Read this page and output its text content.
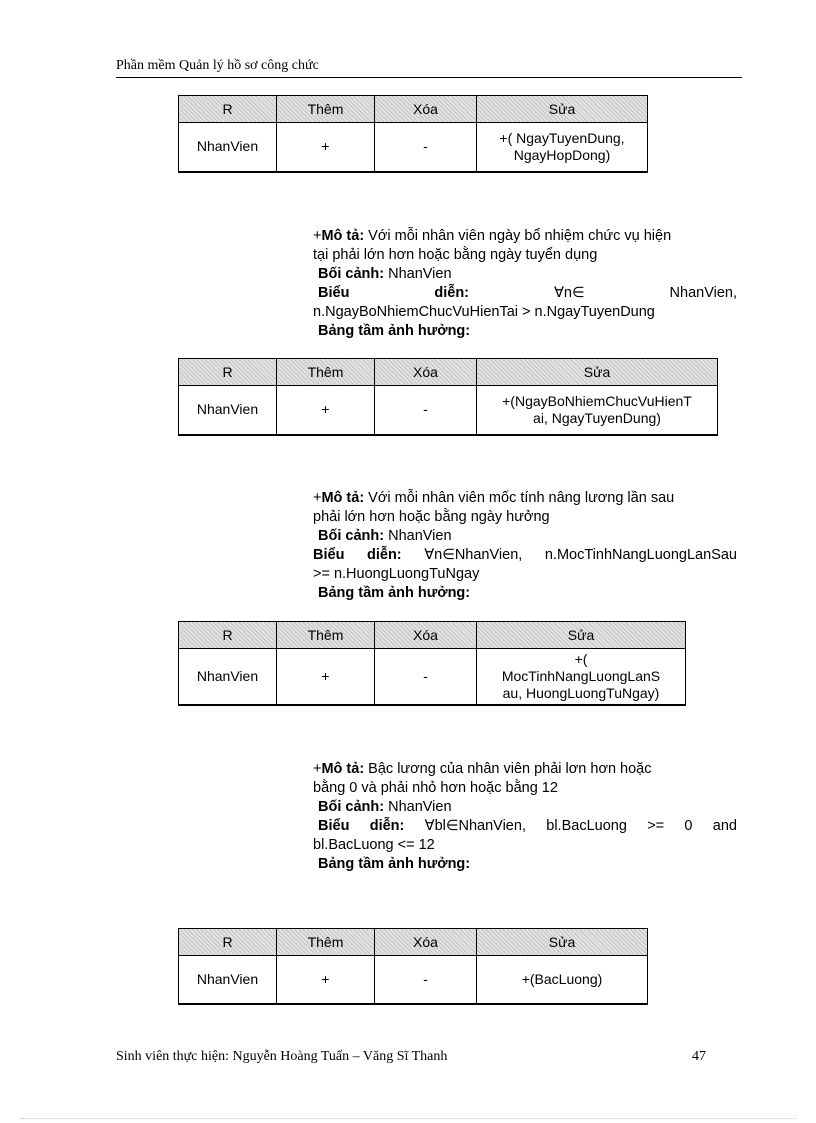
Phần mềm Quản lý hồ sơ công chức
R	Thêm	Xóa	Sửa
NhanVien	+	-	+( NgayTuyenDung,
NgayHopDong)
+Mô tả: Với mỗi nhân viên ngày bổ nhiệm chức vụ hiện
tại phải lớn hơn hoặc bằng ngày tuyển dụng
Bối cảnh: NhanVien
Biểu diễn:	∀n∈ NhanVien,
n.NgayBoNhiemChucVuHienTai > n.NgayTuyenDung
Bảng tầm ảnh hưởng:
R	Thêm	Xóa	Sửa
NhanVien	+	-	+(NgayBoNhiemChucVuHienT
ai, NgayTuyenDung)
+Mô tả: Với mỗi nhân viên mốc tính nâng lương lần sau
phải lớn hơn hoặc bằng ngày hưởng
Bối cảnh: NhanVien
Biểu diễn: ∀n∈NhanVien, n.MocTinhNangLuongLanSau
>= n.HuongLuongTuNgay
Bảng tầm ảnh hưởng:
R	Thêm	Xóa	Sửa
NhanVien	+	-	+(
MocTinhNangLuongLanS
au, HuongLuongTuNgay)
+Mô tả: Bậc lương của nhân viên phải lơn hơn hoặc
bằng 0 và phải nhỏ hơn hoặc bằng 12
Bối cảnh: NhanVien
Biểu diễn: ∀bl∈NhanVien, bl.BacLuong >= 0 and
bl.BacLuong <= 12
Bảng tầm ảnh hưởng:
R	Thêm	Xóa	Sửa
NhanVien	+	-	+(BacLuong)
Sinh viên thực hiện: Nguyễn Hoàng Tuấn – Văng Sĩ Thanh	47
